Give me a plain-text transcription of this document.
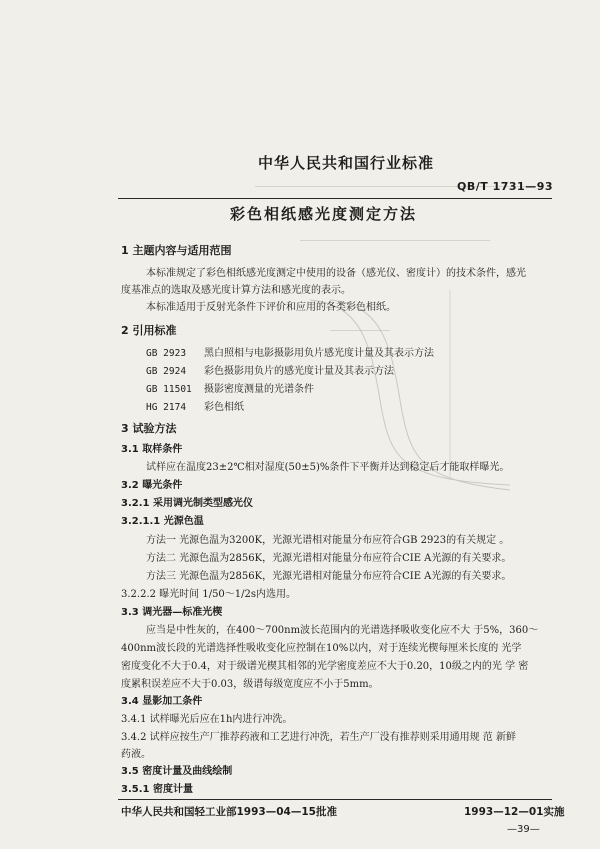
中华人民共和国行业标准
QB/T 1731—93
彩色相纸感光度测定方法
1 主题内容与适用范围
本标准规定了彩色相纸感光度测定中使用的设备（感光仪、密度计）的技术条件，感光
度基准点的选取及感光度计算方法和感光度的表示。
本标准适用于反射光条件下评价和应用的各类彩色相纸。
2 引用标准
GB 2923 黑白照相与电影摄影用负片感光度计量及其表示方法
GB 2924 彩色摄影用负片的感光度计量及其表示方法
GB 11501 摄影密度测量的光谱条件
HG 2174 彩色相纸
3 试验方法
3.1 取样条件
试样应在温度23±2℃相对湿度(50±5)%条件下平衡并达到稳定后才能取样曝光。
3.2 曝光条件
3.2.1 采用调光制类型感光仪
3.2.1.1 光源色温
方法一 光源色温为3200K，光源光谱相对能量分布应符合GB 2923的有关规定 。
方法二 光源色温为2856K，光源光谱相对能量分布应符合CIE A光源的有关要求。
方法三 光源色温为2856K，光源光谱相对能量分布应符合CIE A光源的有关要求。
3.2.2.2 曝光时间 1/50～1/2s内选用。
3.3 调光器—标准光楔
应当是中性灰的，在400～700nm波长范围内的光谱选择吸收变化应不大 于5%，360～
400nm波长段的光谱选择性吸收变化应控制在10%以内，对于连续光楔每厘米长度的 光学
密度变化不大于0.4，对于级谱光楔其相邻的光学密度差应不大于0.20，10级之内的光 学 密
度累积误差应不大于0.03，级谱每级宽度应不小于5mm。
3.4 显影加工条件
3.4.1 试样曝光后应在1h内进行冲洗。
3.4.2 试样应按生产厂推荐药液和工艺进行冲洗，若生产厂没有推荐则采用通用规 范 新鲜
药液。
3.5 密度计量及曲线绘制
3.5.1 密度计量
中华人民共和国轻工业部1993—04—15批准	1993—12—01实施
—39—
